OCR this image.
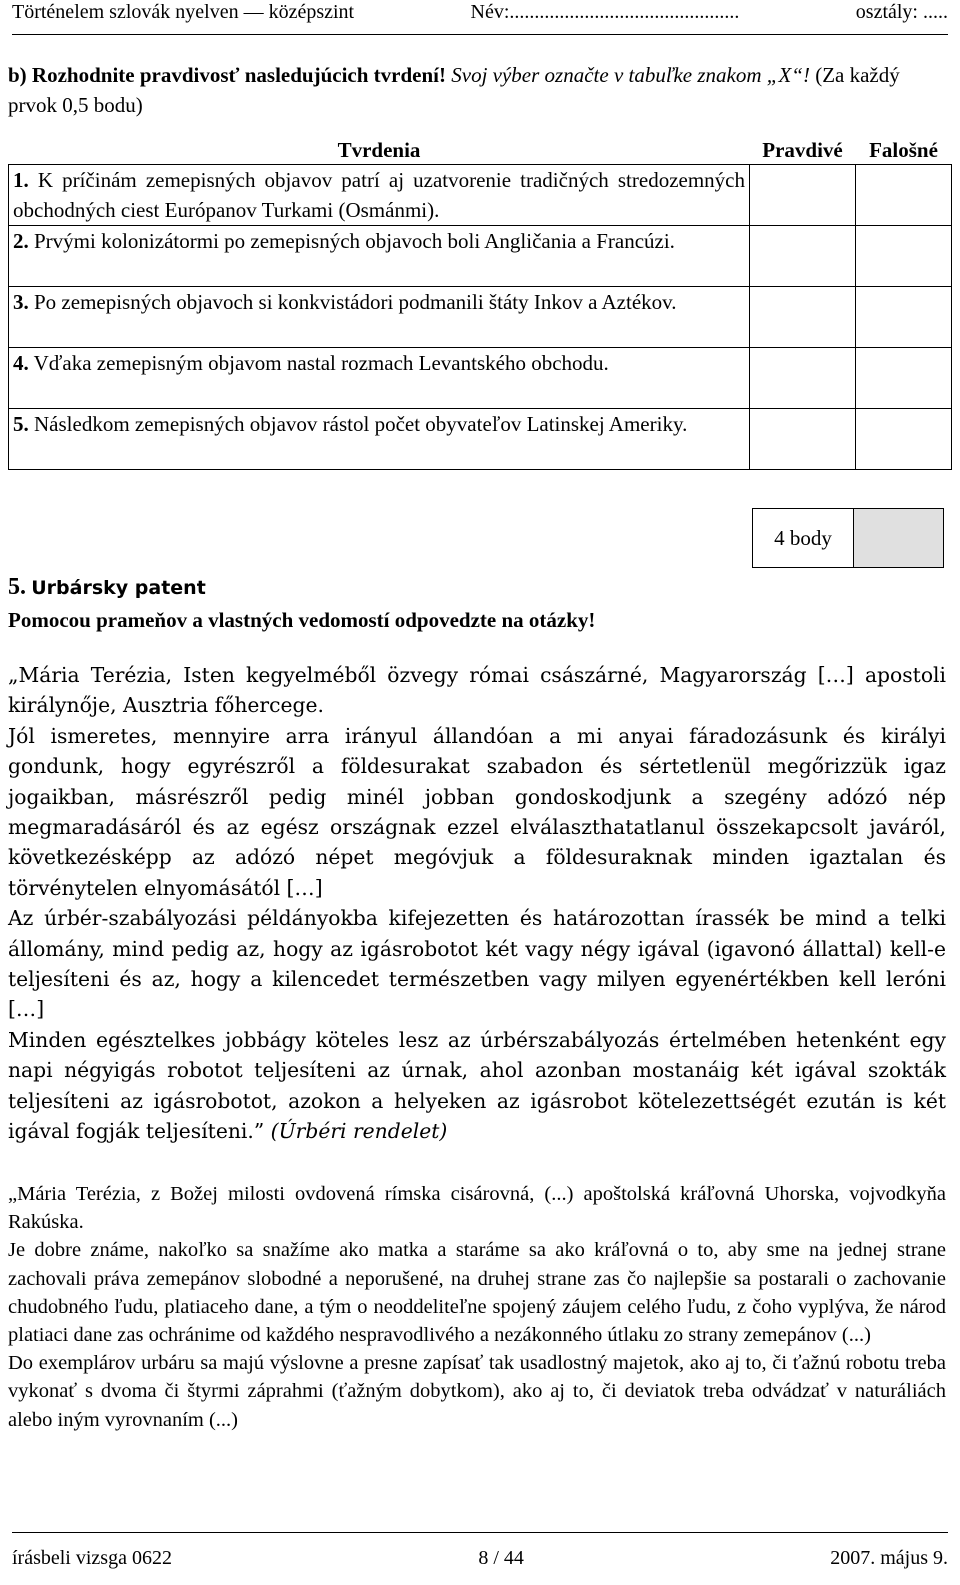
Történelem szlovák nyelven — középszint	Név:..............................................	osztály: .....
b) Rozhodnite pravdivosť nasledujúcich tvrdení! Svoj výber označte v tabuľke znakom „X“! (Za každý prvok 0,5 bodu)
Tvrdenia	Pravdivé	Falošné
1. K príčinám zemepisných objavov patrí aj uzatvorenie tradičných stredozemných obchodných ciest Európanov Turkami (Osmánmi).		
2. Prvými kolonizátormi po zemepisných objavoch boli Angličania a Francúzi.		
3. Po zemepisných objavoch si konkvistádori podmanili štáty Inkov a Aztékov.		
4. Vďaka zemepisným objavom nastal rozmach Levantského obchodu.		
5. Následkom zemepisných objavov rástol počet obyvateľov Latinskej Ameriky.		
4 body
5. Urbársky patent
Pomocou prameňov a vlastných vedomostí odpovedzte na otázky!

„Mária Terézia, Isten kegyelméből özvegy római császárné, Magyarország […] apostoli királynője, Ausztria főhercege.

Jól ismeretes, mennyire arra irányul állandóan a mi anyai fáradozásunk és királyi gondunk, hogy egyrészről a földesurakat szabadon és sértetlenül megőrizzük igaz jogaikban, másrészről pedig minél jobban gondoskodjunk a szegény adózó nép megmaradásáról és az egész országnak ezzel elválaszthatatlanul összekapcsolt javáról, következésképp az adózó népet megóvjuk a földesuraknak minden igaztalan és törvénytelen elnyomásától […]

Az úrbér-szabályozási példányokba kifejezetten és határozottan írassék be mind a telki állomány, mind pedig az, hogy az igásrobotot két vagy négy igával (igavonó állattal) kell-e teljesíteni és az, hogy a kilencedet természetben vagy milyen egyenértékben kell leróni […]

Minden egésztelkes jobbágy köteles lesz az úrbérszabályozás értelmében hetenként egy napi négyigás robotot teljesíteni az úrnak, ahol azonban mostanáig két igával szokták teljesíteni az igásrobotot, azokon a helyeken az igásrobot kötelezettségét ezután is két igával fogják teljesíteni.” (Úrbéri rendelet)

„Mária Terézia, z Božej milosti ovdovená rímska cisárovná, (...) apoštolská kráľovná Uhorska, vojvodkyňa Rakúska.

Je dobre známe, nakoľko sa snažíme ako matka a staráme sa ako kráľovná o to, aby sme na jednej strane zachovali práva zemepánov slobodné a neporušené, na druhej strane zas čo najlepšie sa postarali o zachovanie chudobného ľudu, platiaceho dane, a tým o neoddeliteľne spojený záujem celého ľudu, z čoho vyplýva, že národ platiaci dane zas ochránime od každého nespravodlivého a nezákonného útlaku zo strany zemepánov (...)

Do exemplárov urbáru sa majú výslovne a presne zapísať tak usadlostný majetok, ako aj to, či ťažnú robotu treba vykonať s dvoma či štyrmi záprahmi (ťažným dobytkom), ako aj to, či deviatok treba odvádzať v naturáliách alebo iným vyrovnaním (...)

írásbeli vizsga 0622	8 / 44	2007. május 9.
